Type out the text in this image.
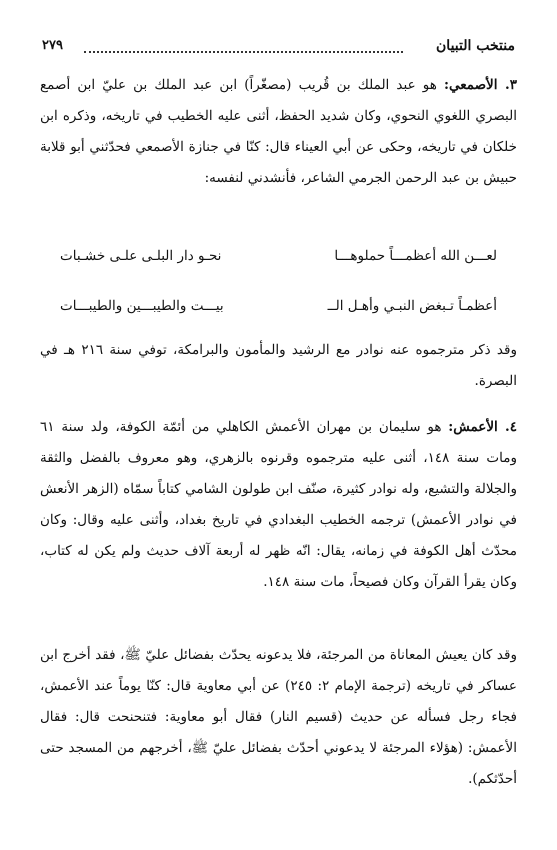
منتخب التبيان
٢٧٩

٣. الأصمعي: هو عبد الملك بن قُريب (مصغّراً) ابن عبد الملك بن عليّ ابن أصمع البصري اللغوي النحوي، وكان شديد الحفظ، أثنى عليه الخطيب في تاريخه، وذكره ابن خلكان في تاريخه، وحكى عن أبي العيناء قال: كنّا في جنازة الأصمعي فحدّثني أبو قلابة حبيش بن عبد الرحمن الجرمي الشاعر، فأنشدني لنفسه:

لعـــن الله أعظمـــاً حملوهـــا
نحـو دار البلـى علـى خشـبات
أعظمـاً تـبغض النبـي وأهـل الــ
بيـــت والطيبـــين والطيبـــات

وقد ذكر مترجموه عنه نوادر مع الرشيد والمأمون والبرامكة، توفي سنة ٢١٦ هـ في البصرة.

٤. الأعمش: هو سليمان بن مهران الأعمش الكاهلي من أئمّة الكوفة، ولد سنة ٦١ ومات سنة ١٤٨، أثنى عليه مترجموه وقرنوه بالزهري، وهو معروف بالفضل والثقة والجلالة والتشيع، وله نوادر كثيرة، صنّف ابن طولون الشامي كتاباً سمّاه (الزهر الأنعش في نوادر الأعمش) ترجمه الخطيب البغدادي في تاريخ بغداد، وأثنى عليه وقال: وكان محدّث أهل الكوفة في زمانه، يقال: انّه ظهر له أربعة آلاف حديث ولم يكن له كتاب، وكان يقرأ القرآن وكان فصيحاً، مات سنة ١٤٨.

وقد كان يعيش المعاناة من المرجئة، فلا يدعونه يحدّث بفضائل عليّ ﷺ، فقد أخرج ابن عساكر في تاريخه (ترجمة الإمام ٢: ٢٤٥) عن أبي معاوية قال: كنّا يوماً عند الأعمش، فجاء رجل فسأله عن حديث (قسيم النار) فقال أبو معاوية: فتنحنحت قال: فقال الأعمش: (هؤلاء المرجئة لا يدعوني أحدّث بفضائل عليّ ﷺ، أخرجهم من المسجد حتى أحدّثكم).
